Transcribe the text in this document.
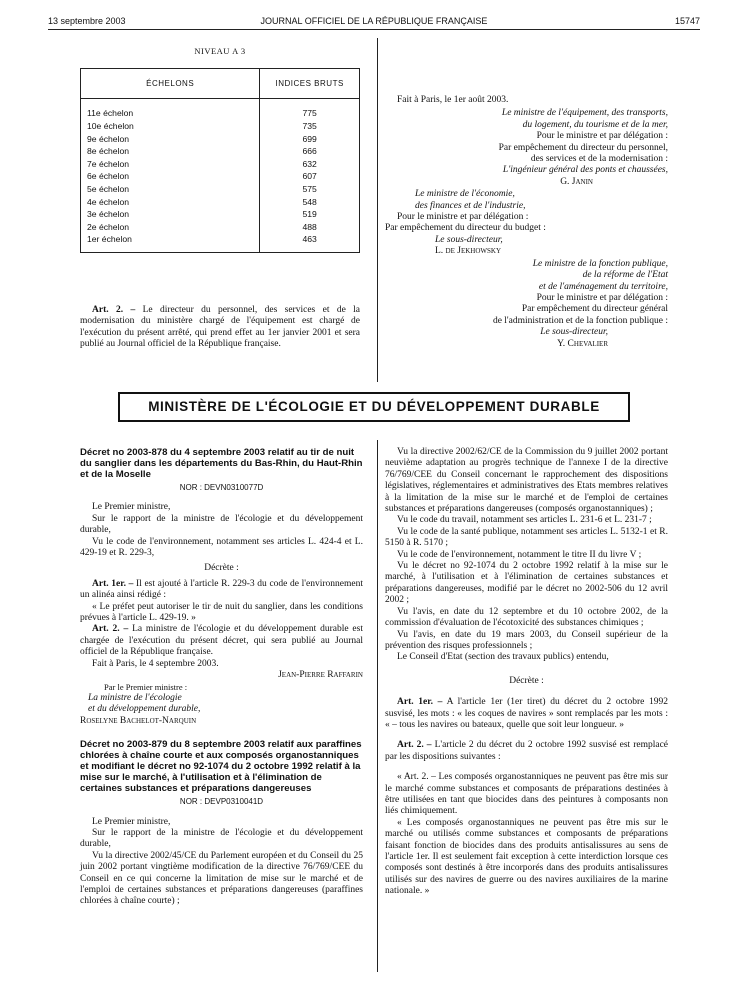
13 septembre 2003	JOURNAL OFFICIEL DE LA RÉPUBLIQUE FRANÇAISE	15747
NIVEAU A 3
ÉCHELONS	INDICES BRUTS
11e échelon	775
10e échelon	735
9e échelon	699
8e échelon	666
7e échelon	632
6e échelon	607
5e échelon	575
4e échelon	548
3e échelon	519
2e échelon	488
1er échelon	463

Art. 2. – Le directeur du personnel, des services et de la modernisation du ministère chargé de l'équipement est chargé de l'exécution du présent arrêté, qui prend effet au 1er janvier 2001 et sera publié au Journal officiel de la République française.

Fait à Paris, le 1er août 2003.
Le ministre de l'équipement, des transports,
du logement, du tourisme et de la mer,
Pour le ministre et par délégation :
Par empêchement du directeur du personnel,
des services et de la modernisation :
L'ingénieur général des ponts et chaussées,
G. Janin
Le ministre de l'économie,
des finances et de l'industrie,
Pour le ministre et par délégation :
Par empêchement du directeur du budget :
Le sous-directeur,
L. de Jekhowsky
Le ministre de la fonction publique,
de la réforme de l'Etat
et de l'aménagement du territoire,
Pour le ministre et par délégation :
Par empêchement du directeur général
de l'administration et de la fonction publique :
Le sous-directeur,
Y. Chevalier
MINISTÈRE DE L'ÉCOLOGIE ET DU DÉVELOPPEMENT DURABLE
Décret no 2003-878 du 4 septembre 2003 relatif au tir de nuit du sanglier dans les départements du Bas-Rhin, du Haut-Rhin et de la Moselle
NOR : DEVN0310077D

Le Premier ministre,

Sur le rapport de la ministre de l'écologie et du développement durable,

Vu le code de l'environnement, notamment ses articles L. 424-4 et L. 429-19 et R. 229-3,

Décrète :

Art. 1er. – Il est ajouté à l'article R. 229-3 du code de l'environnement un alinéa ainsi rédigé :

« Le préfet peut autoriser le tir de nuit du sanglier, dans les conditions prévues à l'article L. 429-19. »

Art. 2. – La ministre de l'écologie et du développement durable est chargée de l'exécution du présent décret, qui sera publié au Journal officiel de la République française.

Fait à Paris, le 4 septembre 2003.

Jean-Pierre Raffarin
Par le Premier ministre :
La ministre de l'écologie
et du développement durable,
Roselyne Bachelot-Narquin
Décret no 2003-879 du 8 septembre 2003 relatif aux paraffines chlorées à chaîne courte et aux composés organostanniques et modifiant le décret no 92-1074 du 2 octobre 1992 relatif à la mise sur le marché, à l'utilisation et à l'élimination de certaines substances et préparations dangereuses
NOR : DEVP0310041D

Le Premier ministre,

Sur le rapport de la ministre de l'écologie et du développement durable,

Vu la directive 2002/45/CE du Parlement européen et du Conseil du 25 juin 2002 portant vingtième modification de la directive 76/769/CEE du Conseil en ce qui concerne la limitation de mise sur le marché et de l'emploi de certaines substances et préparations dangereuses (paraffines chlorées à chaîne courte) ;

Vu la directive 2002/62/CE de la Commission du 9 juillet 2002 portant neuvième adaptation au progrès technique de l'annexe I de la directive 76/769/CEE du Conseil concernant le rapprochement des dispositions législatives, réglementaires et administratives des Etats membres relatives à la limitation de la mise sur le marché et de l'emploi de certaines substances et préparations dangereuses (composés organostanniques) ;

Vu le code du travail, notamment ses articles L. 231-6 et L. 231-7 ;

Vu le code de la santé publique, notamment ses articles L. 5132-1 et R. 5150 à R. 5170 ;

Vu le code de l'environnement, notamment le titre II du livre V ;

Vu le décret no 92-1074 du 2 octobre 1992 relatif à la mise sur le marché, à l'utilisation et à l'élimination de certaines substances et préparations dangereuses, modifié par le décret no 2002-506 du 12 avril 2002 ;

Vu l'avis, en date du 12 septembre et du 10 octobre 2002, de la commission d'évaluation de l'écotoxicité des substances chimiques ;

Vu l'avis, en date du 19 mars 2003, du Conseil supérieur de la prévention des risques professionnels ;

Le Conseil d'Etat (section des travaux publics) entendu,

Décrète :

Art. 1er. – A l'article 1er (1er tiret) du décret du 2 octobre 1992 susvisé, les mots : « les coques de navires » sont remplacés par les mots : « – tous les navires ou bateaux, quelle que soit leur longueur. »

Art. 2. – L'article 2 du décret du 2 octobre 1992 susvisé est remplacé par les dispositions suivantes :

« Art. 2. – Les composés organostanniques ne peuvent pas être mis sur le marché comme substances et composants de préparations destinées à être utilisées en tant que biocides dans des peintures à composants non liés chimiquement.

« Les composés organostanniques ne peuvent pas être mis sur le marché ou utilisés comme substances et composants de préparations faisant fonction de biocides dans des produits antisalissures au sens de l'article 1er. Il est seulement fait exception à cette interdiction lorsque ces composés sont destinés à être incorporés dans des produits antisalissures utilisés sur des navires de guerre ou des navires auxiliaires de la marine nationale. »
